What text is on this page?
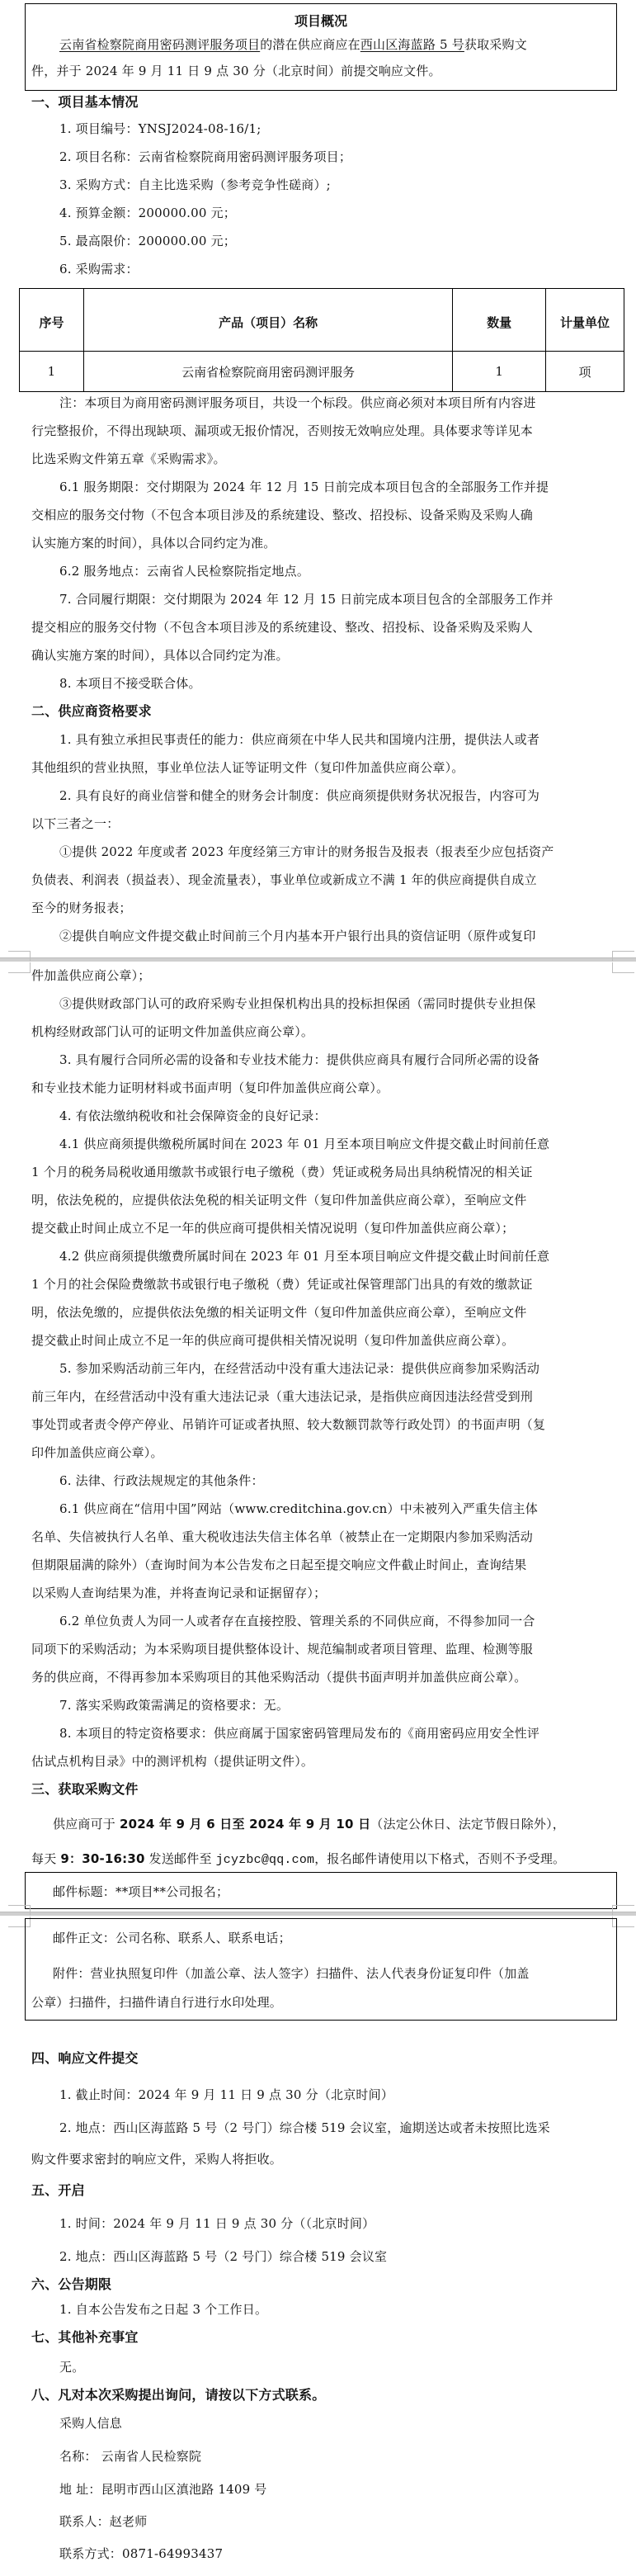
项目概况
云南省检察院商用密码测评服务项目的潜在供应商应在西山区海蓝路 5 号获取采购文
件，并于 2024 年 9 月 11 日 9 点 30 分（北京时间）前提交响应文件。
一、项目基本情况
1. 项目编号：YNSJ2024-08-16/1;
2. 项目名称：云南省检察院商用密码测评服务项目；
3. 采购方式：自主比选采购（参考竞争性磋商）;
4. 预算金额：200000.00 元；
5. 最高限价：200000.00 元；
6. 采购需求：
序号	产品（项目）名称	数量	计量单位
1	云南省检察院商用密码测评服务	1	项
注：本项目为商用密码测评服务项目，共设一个标段。供应商必须对本项目所有内容进
行完整报价，不得出现缺项、漏项或无报价情况，否则按无效响应处理。具体要求等详见本
比选采购文件第五章《采购需求》。
6.1 服务期限：交付期限为 2024 年 12 月 15 日前完成本项目包含的全部服务工作并提
交相应的服务交付物（不包含本项目涉及的系统建设、整改、招投标、设备采购及采购人确
认实施方案的时间），具体以合同约定为准。
6.2 服务地点：云南省人民检察院指定地点。
7. 合同履行期限：交付期限为 2024 年 12 月 15 日前完成本项目包含的全部服务工作并
提交相应的服务交付物（不包含本项目涉及的系统建设、整改、招投标、设备采购及采购人
确认实施方案的时间），具体以合同约定为准。
8. 本项目不接受联合体。
二、供应商资格要求
1. 具有独立承担民事责任的能力：供应商须在中华人民共和国境内注册，提供法人或者
其他组织的营业执照，事业单位法人证等证明文件（复印件加盖供应商公章）。
2. 具有良好的商业信誉和健全的财务会计制度：供应商须提供财务状况报告，内容可为
以下三者之一：
①提供 2022 年度或者 2023 年度经第三方审计的财务报告及报表（报表至少应包括资产
负债表、利润表（损益表）、现金流量表），事业单位或新成立不满 1 年的供应商提供自成立
至今的财务报表；
②提供自响应文件提交截止时间前三个月内基本开户银行出具的资信证明（原件或复印
件加盖供应商公章）；
③提供财政部门认可的政府采购专业担保机构出具的投标担保函（需同时提供专业担保
机构经财政部门认可的证明文件加盖供应商公章）。
3. 具有履行合同所必需的设备和专业技术能力：提供供应商具有履行合同所必需的设备
和专业技术能力证明材料或书面声明（复印件加盖供应商公章）。
4. 有依法缴纳税收和社会保障资金的良好记录：
4.1 供应商须提供缴税所属时间在 2023 年 01 月至本项目响应文件提交截止时间前任意
1 个月的税务局税收通用缴款书或银行电子缴税（费）凭证或税务局出具纳税情况的相关证
明，依法免税的，应提供依法免税的相关证明文件（复印件加盖供应商公章），至响应文件
提交截止时间止成立不足一年的供应商可提供相关情况说明（复印件加盖供应商公章）；
4.2 供应商须提供缴费所属时间在 2023 年 01 月至本项目响应文件提交截止时间前任意
1 个月的社会保险费缴款书或银行电子缴税（费）凭证或社保管理部门出具的有效的缴款证
明，依法免缴的，应提供依法免缴的相关证明文件（复印件加盖供应商公章），至响应文件
提交截止时间止成立不足一年的供应商可提供相关情况说明（复印件加盖供应商公章）。
5. 参加采购活动前三年内，在经营活动中没有重大违法记录：提供供应商参加采购活动
前三年内，在经营活动中没有重大违法记录（重大违法记录，是指供应商因违法经营受到刑
事处罚或者责令停产停业、吊销许可证或者执照、较大数额罚款等行政处罚）的书面声明（复
印件加盖供应商公章）。
6. 法律、行政法规规定的其他条件：
6.1 供应商在“信用中国”网站（www.creditchina.gov.cn）中未被列入严重失信主体
名单、失信被执行人名单、重大税收违法失信主体名单（被禁止在一定期限内参加采购活动
但期限届满的除外）（查询时间为本公告发布之日起至提交响应文件截止时间止，查询结果
以采购人查询结果为准，并将查询记录和证据留存）；
6.2 单位负责人为同一人或者存在直接控股、管理关系的不同供应商，不得参加同一合
同项下的采购活动；为本采购项目提供整体设计、规范编制或者项目管理、监理、检测等服
务的供应商，不得再参加本采购项目的其他采购活动（提供书面声明并加盖供应商公章）。
7. 落实采购政策需满足的资格要求：无。
8. 本项目的特定资格要求：供应商属于国家密码管理局发布的《商用密码应用安全性评
估试点机构目录》中的测评机构（提供证明文件）。
三、获取采购文件
供应商可于 2024 年 9 月 6 日至 2024 年 9 月 10 日（法定公休日、法定节假日除外），
每天 9：30-16:30 发送邮件至 jcyzbc@qq.com，报名邮件请使用以下格式，否则不予受理。
邮件标题：**项目**公司报名；
邮件正文：公司名称、联系人、联系电话；
附件：营业执照复印件（加盖公章、法人签字）扫描件、法人代表身份证复印件（加盖
公章）扫描件，扫描件请自行进行水印处理。
四、响应文件提交
1. 截止时间：2024 年 9 月 11 日 9 点 30 分（北京时间）
2. 地点：西山区海蓝路 5 号（2 号门）综合楼 519 会议室，逾期送达或者未按照比选采
购文件要求密封的响应文件，采购人将拒收。
五、开启
1. 时间：2024 年 9 月 11 日 9 点 30 分（（北京时间）
2. 地点：西山区海蓝路 5 号（2 号门）综合楼 519 会议室
六、公告期限
1. 自本公告发布之日起 3 个工作日。
七、其他补充事宜
无。
八、凡对本次采购提出询问，请按以下方式联系。
采购人信息
名称： 云南省人民检察院
地 址：昆明市西山区滇池路 1409 号
联系人：赵老师
联系方式：0871-64993437
